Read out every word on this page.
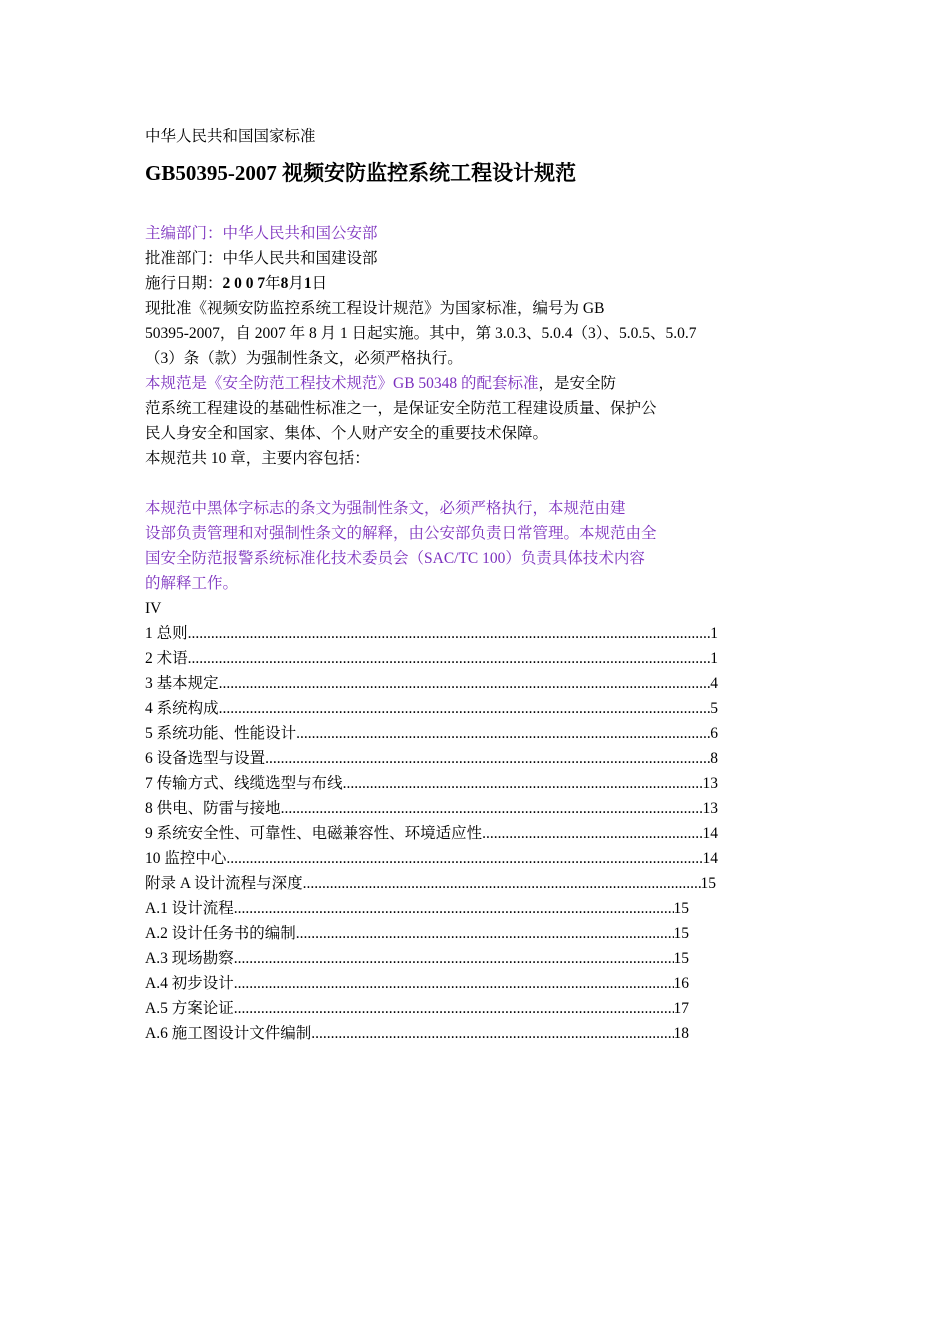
中华人民共和国国家标准
GB50395-2007 视频安防监控系统工程设计规范
主编部门：中华人民共和国公安部
批准部门：中华人民共和国建设部
施行日期：2 0 0 7年8月1日
现批准《视频安防监控系统工程设计规范》为国家标准，编号为 GB
50395-2007，自 2007 年 8 月 1 日起实施。其中，第 3.0.3、5.0.4（3）、5.0.5、5.0.7
（3）条（款）为强制性条文，必须严格执行。
本规范是《安全防范工程技术规范》GB 50348 的配套标准，是安全防
范系统工程建设的基础性标准之一，是保证安全防范工程建设质量、保护公
民人身安全和国家、集体、个人财产安全的重要技术保障。
本规范共 10 章，主要内容包括：
本规范中黑体字标志的条文为强制性条文，必须严格执行，本规范由建
设部负责管理和对强制性条文的解释，由公安部负责日常管理。本规范由全
国安全防范报警系统标准化技术委员会（SAC/TC 100）负责具体技术内容
的解释工作。
IV
1 总则 .....	1
2 术语 .....	1
3 基本规定 .....	4
4 系统构成 .....	5
5 系统功能、性能设计 .....	6
6 设备选型与设置 .....	8
7 传输方式、线缆选型与布线 .....	13
8 供电、防雷与接地 .....	13
9 系统安全性、可靠性、电磁兼容性、环境适应性 .....	14
10 监控中心 .....	14
附录 A 设计流程与深度 .....	15
A.1 设计流程 .....	15
A.2 设计任务书的编制 .....	15
A.3 现场勘察 .....	15
A.4 初步设计 .....	16
A.5 方案论证 .....	17
A.6 施工图设计文件编制 .....	18
